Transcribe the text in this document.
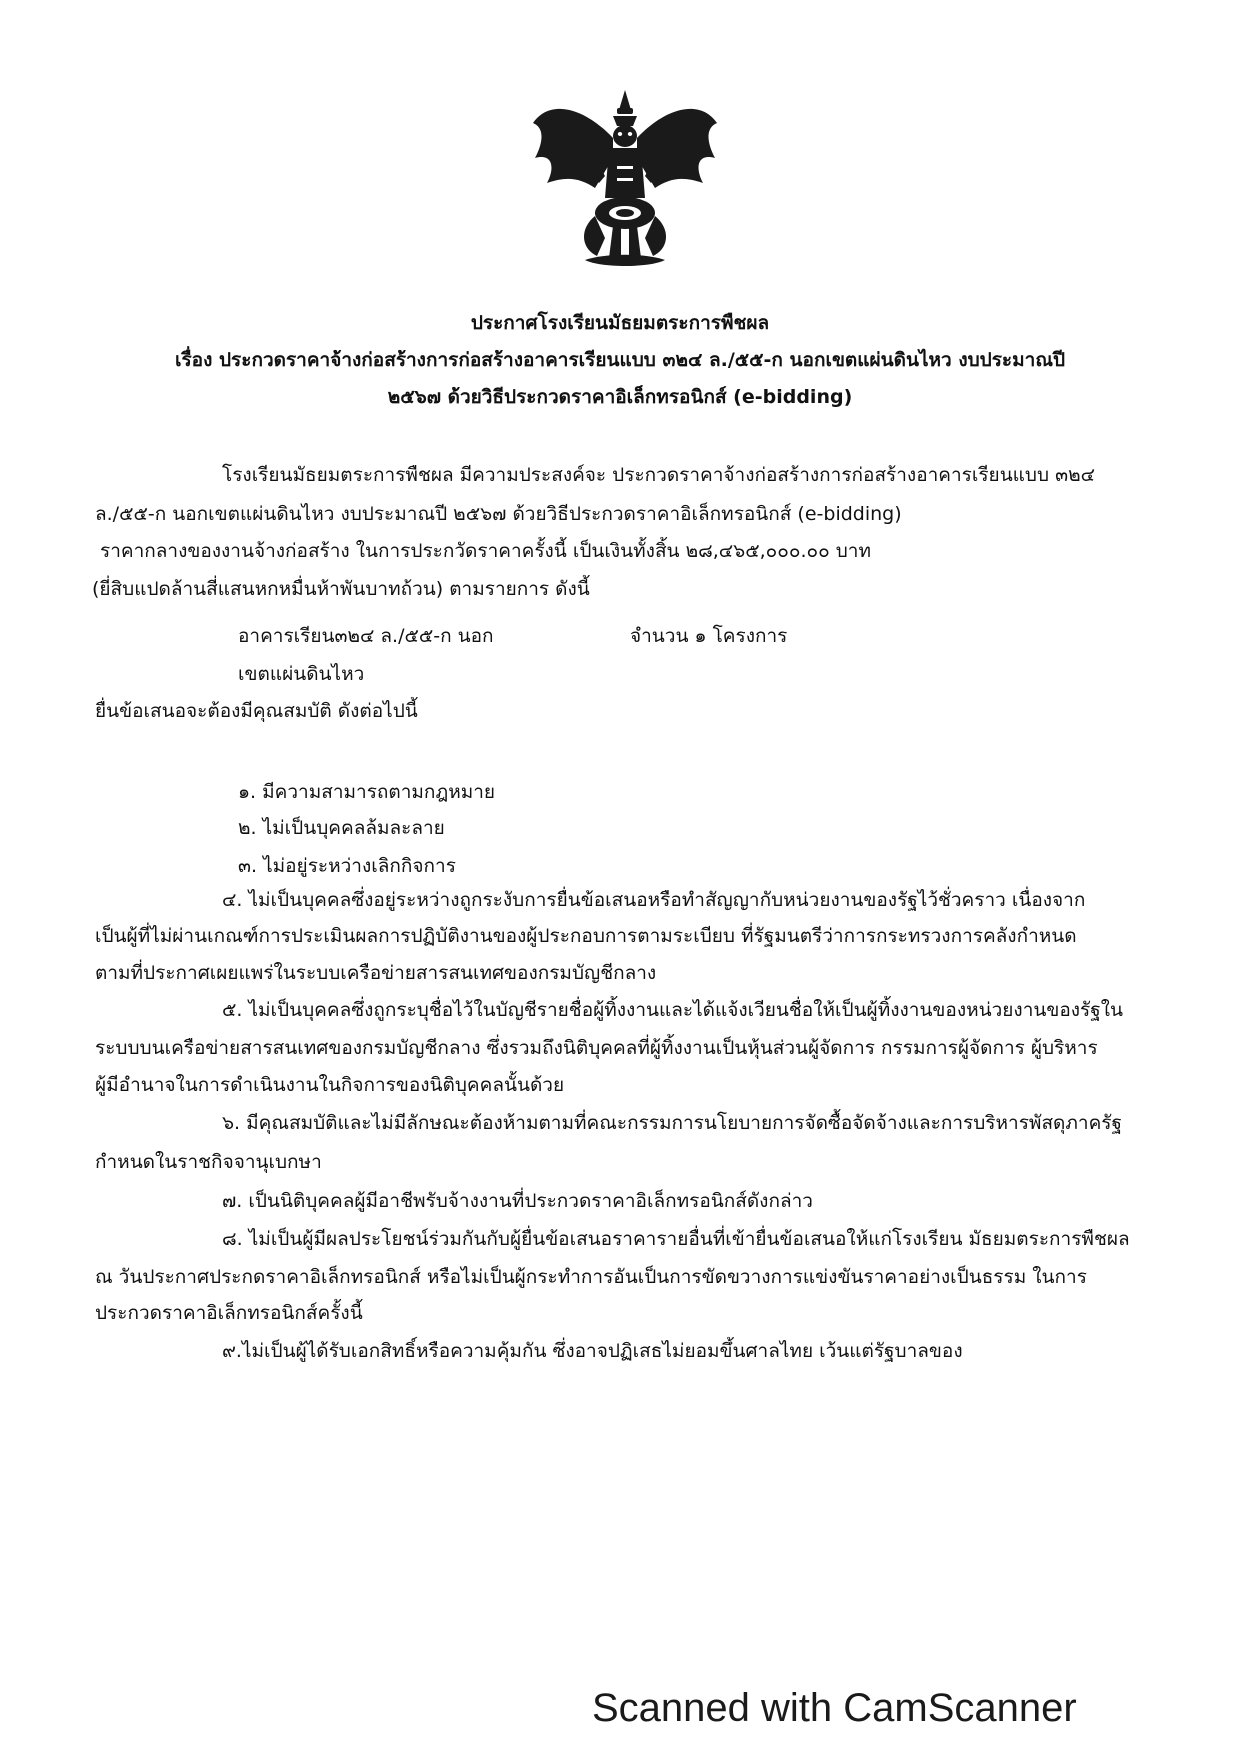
ประกาศโรงเรียนมัธยมตระการพืชผล
เรื่อง ประกวดราคาจ้างก่อสร้างการก่อสร้างอาคารเรียนแบบ ๓๒๔ ล./๕๕-ก นอกเขตแผ่นดินไหว งบประมาณปี
๒๕๖๗ ด้วยวิธีประกวดราคาอิเล็กทรอนิกส์ (e-bidding)
โรงเรียนมัธยมตระการพืชผล มีความประสงค์จะ ประกวดราคาจ้างก่อสร้างการก่อสร้างอาคารเรียนแบบ ๓๒๔
ล./๕๕-ก นอกเขตแผ่นดินไหว งบประมาณปี ๒๕๖๗ ด้วยวิธีประกวดราคาอิเล็กทรอนิกส์ (e-bidding)
ราคากลางของงานจ้างก่อสร้าง ในการประกวัดราคาครั้งนี้ เป็นเงินทั้งสิ้น ๒๘,๔๖๕,๐๐๐.๐๐ บาท
(ยี่สิบแปดล้านสี่แสนหกหมื่นห้าพันบาทถ้วน) ตามรายการ ดังนี้
อาคารเรียน๓๒๔ ล./๕๕-ก นอก	จำนวน ๑ โครงการ
เขตแผ่นดินไหว
ยื่นข้อเสนอจะต้องมีคุณสมบัติ ดังต่อไปนี้
๑. มีความสามารถตามกฎหมาย
๒. ไม่เป็นบุคคลล้มละลาย
๓. ไม่อยู่ระหว่างเลิกกิจการ
๔. ไม่เป็นบุคคลซึ่งอยู่ระหว่างถูกระงับการยื่นข้อเสนอหรือทำสัญญากับหน่วยงานของรัฐไว้ชั่วคราว เนื่องจาก
เป็นผู้ที่ไม่ผ่านเกณฑ์การประเมินผลการปฏิบัติงานของผู้ประกอบการตามระเบียบ ที่รัฐมนตรีว่าการกระทรวงการคลังกำหนด
ตามที่ประกาศเผยแพร่ในระบบเครือข่ายสารสนเทศของกรมบัญชีกลาง
๕. ไม่เป็นบุคคลซึ่งถูกระบุชื่อไว้ในบัญชีรายชื่อผู้ทิ้งงานและได้แจ้งเวียนชื่อให้เป็นผู้ทิ้งงานของหน่วยงานของรัฐใน
ระบบบนเครือข่ายสารสนเทศของกรมบัญชีกลาง ซึ่งรวมถึงนิติบุคคลที่ผู้ทิ้งงานเป็นหุ้นส่วนผู้จัดการ กรรมการผู้จัดการ ผู้บริหาร
ผู้มีอำนาจในการดำเนินงานในกิจการของนิติบุคคลนั้นด้วย
๖. มีคุณสมบัติและไม่มีลักษณะต้องห้ามตามที่คณะกรรมการนโยบายการจัดซื้อจัดจ้างและการบริหารพัสดุภาครัฐ
กำหนดในราชกิจจานุเบกษา
๗. เป็นนิติบุคคลผู้มีอาชีพรับจ้างงานที่ประกวดราคาอิเล็กทรอนิกส์ดังกล่าว
๘. ไม่เป็นผู้มีผลประโยชน์ร่วมกันกับผู้ยื่นข้อเสนอราคารายอื่นที่เข้ายื่นข้อเสนอให้แก่โรงเรียน มัธยมตระการพืชผล
ณ วันประกาศประกดราคาอิเล็กทรอนิกส์ หรือไม่เป็นผู้กระทำการอันเป็นการขัดขวางการแข่งขันราคาอย่างเป็นธรรม ในการ
ประกวดราคาอิเล็กทรอนิกส์ครั้งนี้
๙.ไม่เป็นผู้ได้รับเอกสิทธิ์หรือความคุ้มกัน ซึ่งอาจปฏิเสธไม่ยอมขึ้นศาลไทย เว้นแต่รัฐบาลของ
Scanned with CamScanner
